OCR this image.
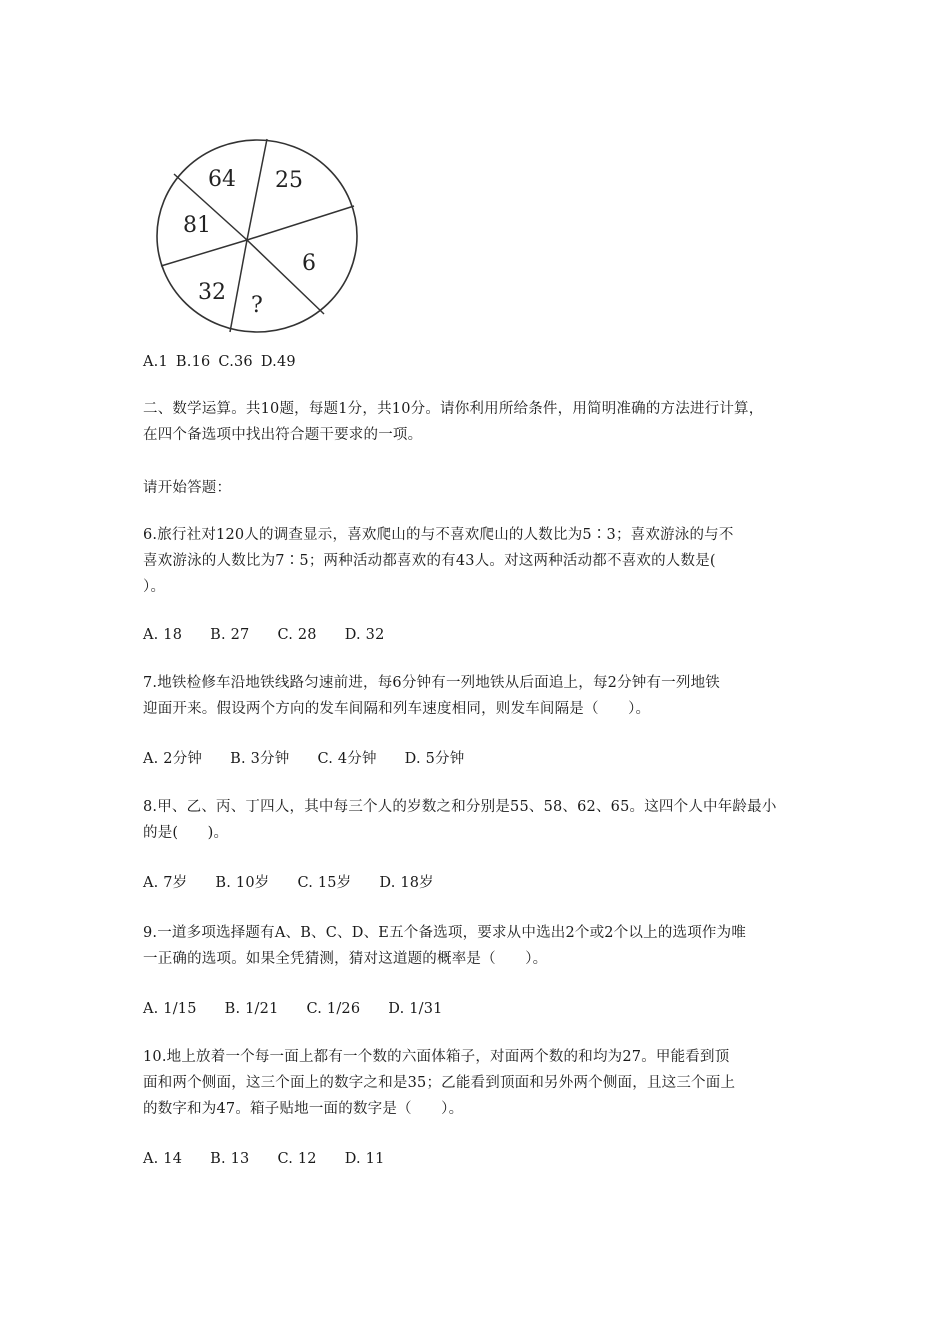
64 25
81
6
32
?
A.1 B.16 C.36 D.49
二、数学运算。共10题，每题1分，共10分。请你利用所给条件，用简明准确的方法进行计算，
在四个备选项中找出符合题干要求的一项。
请开始答题：
6.旅行社对120人的调查显示，喜欢爬山的与不喜欢爬山的人数比为5∶3；喜欢游泳的与不
喜欢游泳的人数比为7∶5；两种活动都喜欢的有43人。对这两种活动都不喜欢的人数是(
）。
A. 18 B. 27 C. 28 D. 32
7.地铁检修车沿地铁线路匀速前进，每6分钟有一列地铁从后面追上，每2分钟有一列地铁
迎面开来。假设两个方向的发车间隔和列车速度相同，则发车间隔是（　　）。
A. 2分钟 B. 3分钟 C. 4分钟 D. 5分钟
8.甲、乙、丙、丁四人，其中每三个人的岁数之和分别是55、58、62、65。这四个人中年龄最小
的是(　　)。
A. 7岁 B. 10岁 C. 15岁 D. 18岁
9.一道多项选择题有A、B、C、D、E五个备选项，要求从中选出2个或2个以上的选项作为唯
一正确的选项。如果全凭猜测，猜对这道题的概率是（　　）。
A. 1/15 B. 1/21 C. 1/26 D. 1/31
10.地上放着一个每一面上都有一个数的六面体箱子，对面两个数的和均为27。甲能看到顶
面和两个侧面，这三个面上的数字之和是35；乙能看到顶面和另外两个侧面，且这三个面上
的数字和为47。箱子贴地一面的数字是（　　）。
A. 14 B. 13 C. 12 D. 11
